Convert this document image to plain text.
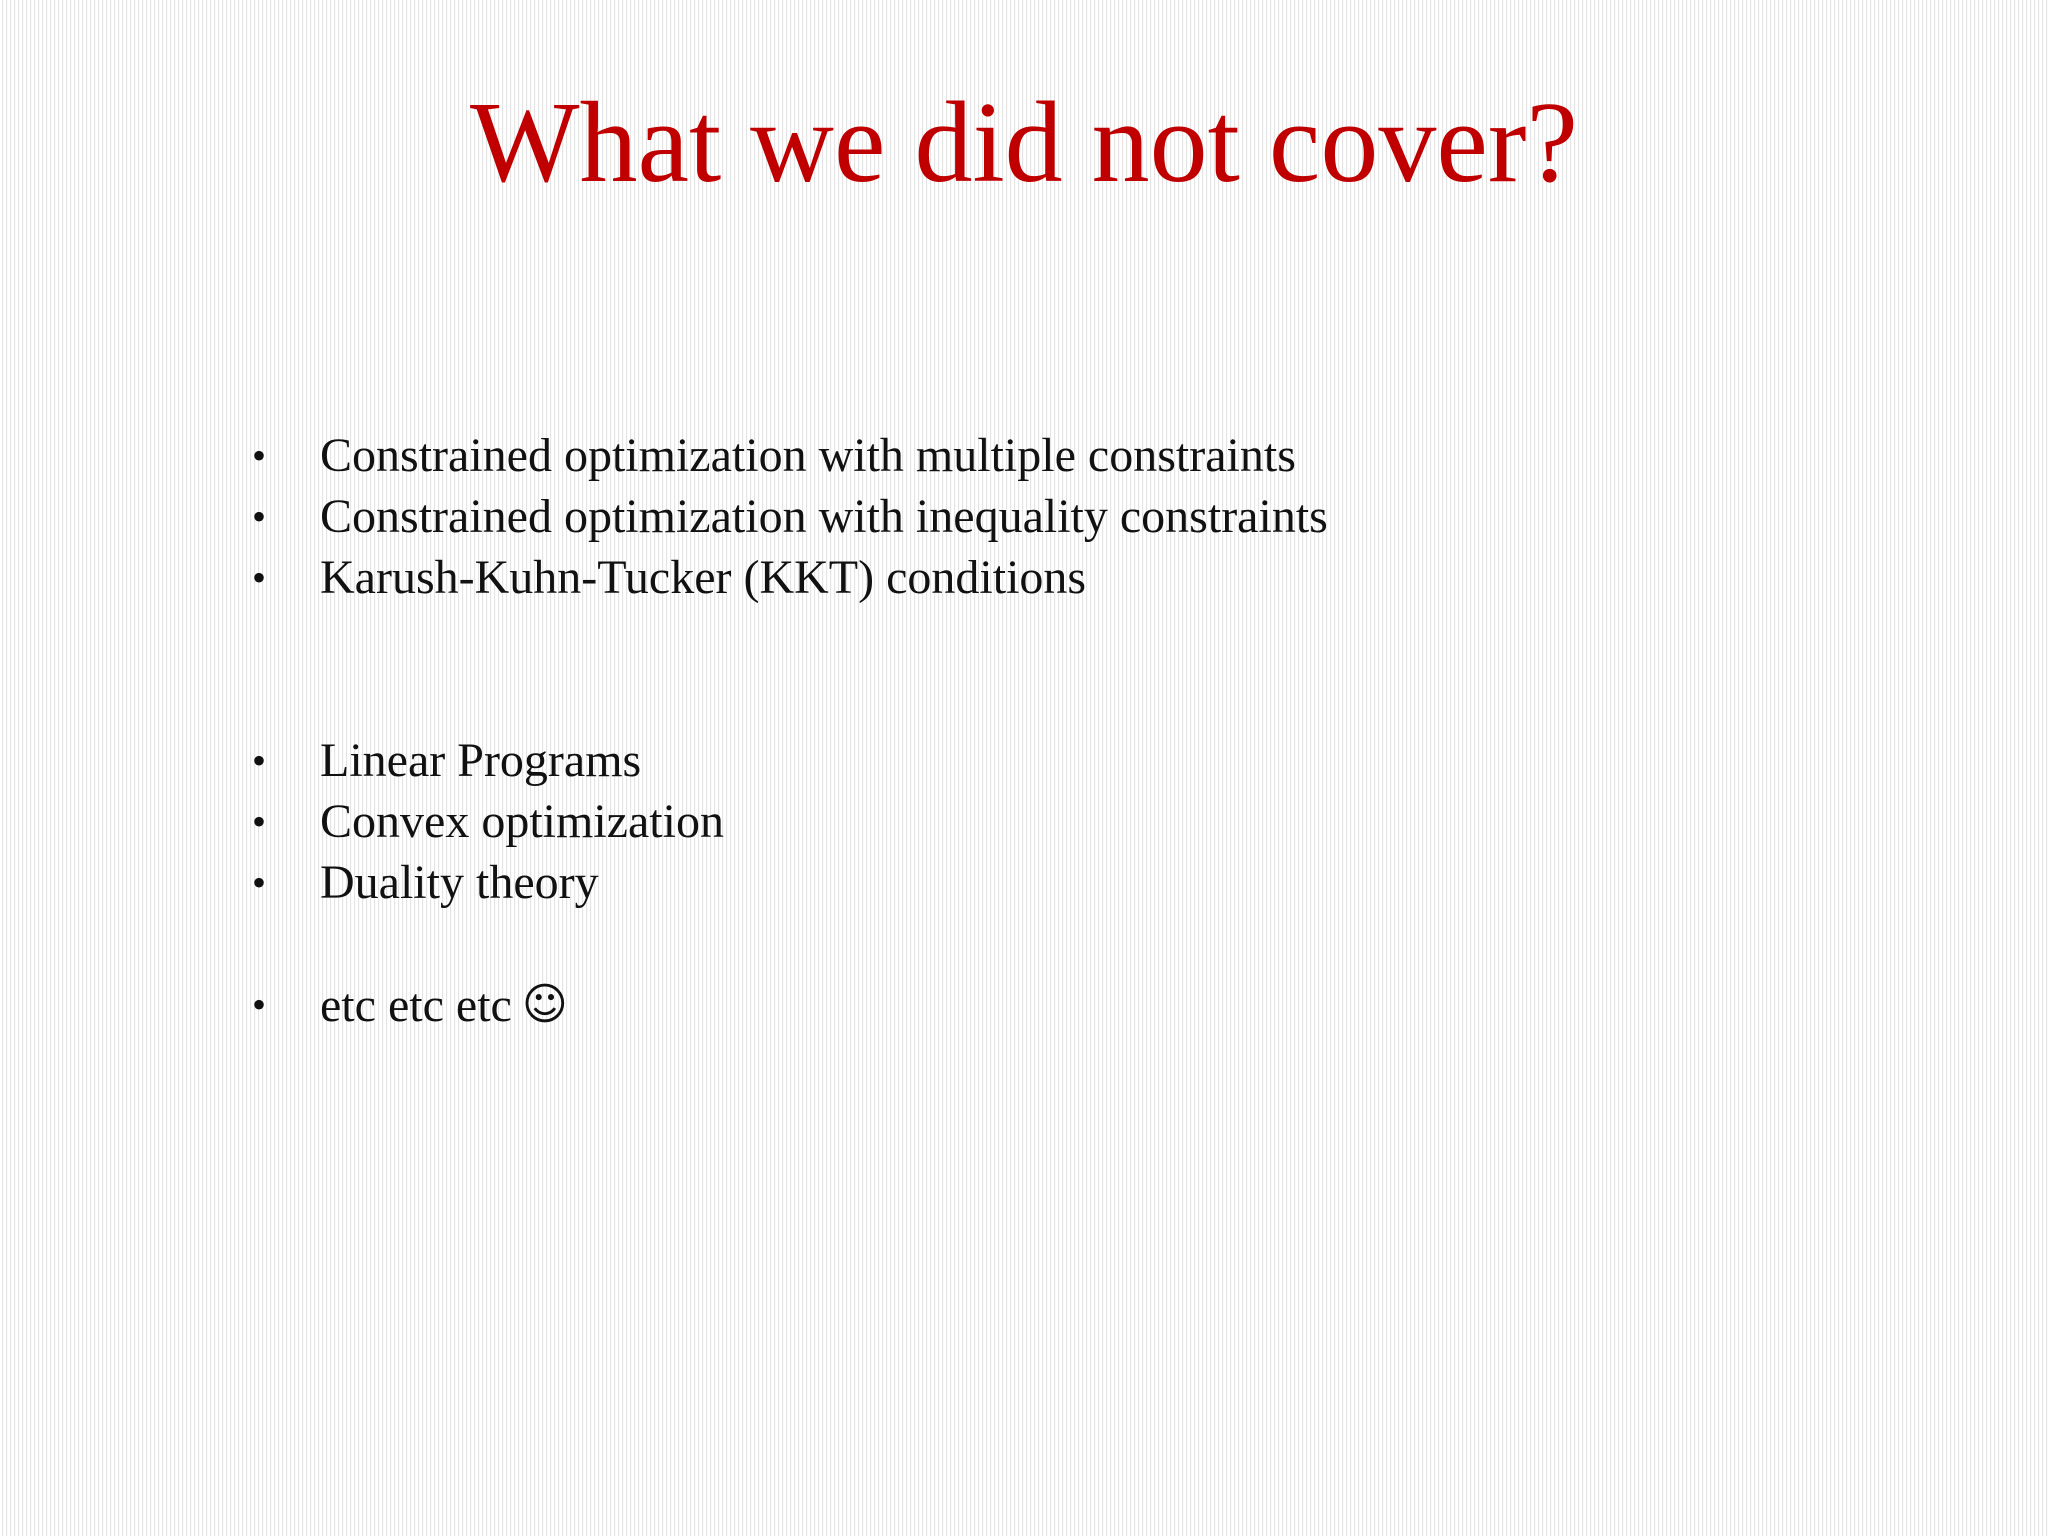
What we did not cover?
• Constrained optimization with multiple constraints
• Constrained optimization with inequality constraints
• Karush-Kuhn-Tucker (KKT) conditions
• Linear Programs
• Convex optimization
• Duality theory
• etc etc etc ☺
